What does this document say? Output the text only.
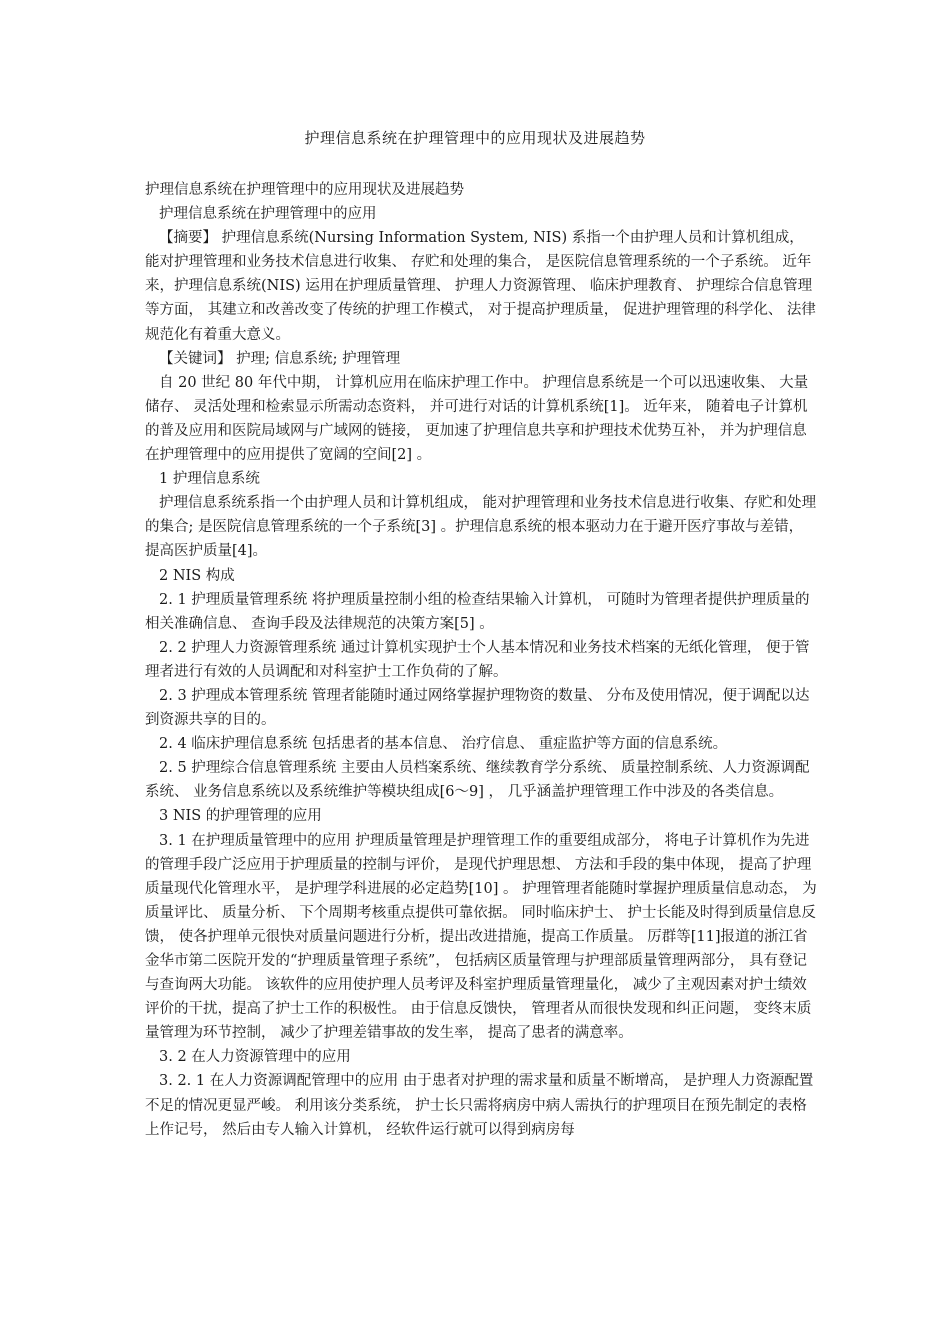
护理信息系统在护理管理中的应用现状及进展趋势

护理信息系统在护理管理中的应用现状及进展趋势

护理信息系统在护理管理中的应用

【摘要】 护理信息系统(Nursing Information System, NIS) 系指一个由护理人员和计算机组成， 能对护理管理和业务技术信息进行收集、 存贮和处理的集合， 是医院信息管理系统的一个子系统。 近年来，护理信息系统(NIS) 运用在护理质量管理、 护理人力资源管理、 临床护理教育、 护理综合信息管理等方面， 其建立和改善改变了传统的护理工作模式， 对于提高护理质量， 促进护理管理的科学化、 法律规范化有着重大意义。

【关键词】 护理; 信息系统; 护理管理

自 20 世纪 80 年代中期， 计算机应用在临床护理工作中。 护理信息系统是一个可以迅速收集、 大量储存、 灵活处理和检索显示所需动态资料， 并可进行对话的计算机系统[1]。 近年来， 随着电子计算机的普及应用和医院局域网与广域网的链接， 更加速了护理信息共享和护理技术优势互补， 并为护理信息在护理管理中的应用提供了宽阔的空间[2] 。

1 护理信息系统

护理信息系统系指一个由护理人员和计算机组成， 能对护理管理和业务技术信息进行收集、存贮和处理的集合; 是医院信息管理系统的一个子系统[3] 。护理信息系统的根本驱动力在于避开医疗事故与差错， 提高医护质量[4]。

2 NIS 构成

2. 1 护理质量管理系统 将护理质量控制小组的检查结果输入计算机， 可随时为管理者提供护理质量的相关准确信息、 查询手段及法律规范的决策方案[5] 。

2. 2 护理人力资源管理系统 通过计算机实现护士个人基本情况和业务技术档案的无纸化管理， 便于管理者进行有效的人员调配和对科室护士工作负荷的了解。

2. 3 护理成本管理系统 管理者能随时通过网络掌握护理物资的数量、 分布及使用情况，便于调配以达到资源共享的目的。

2. 4 临床护理信息系统 包括患者的基本信息、 治疗信息、 重症监护等方面的信息系统。

2. 5 护理综合信息管理系统 主要由人员档案系统、继续教育学分系统、 质量控制系统、人力资源调配系统、 业务信息系统以及系统维护等模块组成[6～9] ， 几乎涵盖护理管理工作中涉及的各类信息。

3 NIS 的护理管理的应用

3. 1 在护理质量管理中的应用 护理质量管理是护理管理工作的重要组成部分， 将电子计算机作为先进的管理手段广泛应用于护理质量的控制与评价， 是现代护理思想、 方法和手段的集中体现， 提高了护理质量现代化管理水平， 是护理学科进展的必定趋势[10] 。 护理管理者能随时掌握护理质量信息动态， 为质量评比、 质量分析、 下个周期考核重点提供可靠依据。 同时临床护士、 护士长能及时得到质量信息反馈， 使各护理单元很快对质量问题进行分析，提出改进措施，提高工作质量。 厉群等[11]报道的浙江省金华市第二医院开发的“护理质量管理子系统”， 包括病区质量管理与护理部质量管理两部分， 具有登记与查询两大功能。 该软件的应用使护理人员考评及科室护理质量管理量化， 减少了主观因素对护士绩效评价的干扰，提高了护士工作的积极性。 由于信息反馈快， 管理者从而很快发现和纠正问题， 变终末质量管理为环节控制， 减少了护理差错事故的发生率， 提高了患者的满意率。

3. 2 在人力资源管理中的应用

3. 2. 1 在人力资源调配管理中的应用 由于患者对护理的需求量和质量不断增高， 是护理人力资源配置不足的情况更显严峻。 利用该分类系统， 护士长只需将病房中病人需执行的护理项目在预先制定的表格上作记号， 然后由专人输入计算机， 经软件运行就可以得到病房每
